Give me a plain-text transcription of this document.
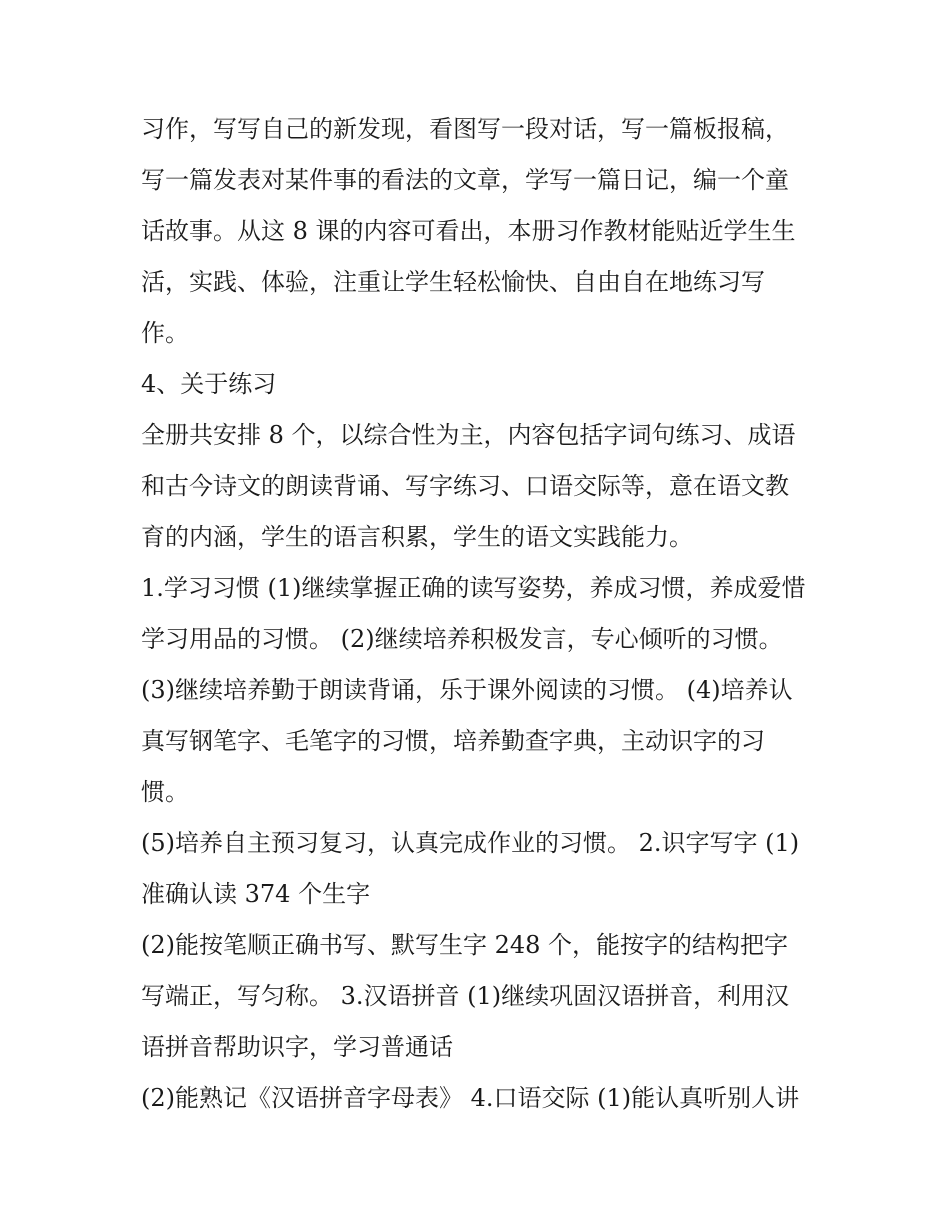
习作，写写自己的新发现，看图写一段对话，写一篇板报稿，
写一篇发表对某件事的看法的文章，学写一篇日记，编一个童
话故事。从这 8 课的内容可看出，本册习作教材能贴近学生生
活，实践、体验，注重让学生轻松愉快、自由自在地练习写
作。
4、关于练习
全册共安排 8 个，以综合性为主，内容包括字词句练习、成语
和古今诗文的朗读背诵、写字练习、口语交际等，意在语文教
育的内涵，学生的语言积累，学生的语文实践能力。
1.学习习惯 (1)继续掌握正确的读写姿势，养成习惯，养成爱惜
学习用品的习惯。 (2)继续培养积极发言，专心倾听的习惯。
(3)继续培养勤于朗读背诵，乐于课外阅读的习惯。 (4)培养认
真写钢笔字、毛笔字的习惯，培养勤查字典，主动识字的习
惯。
(5)培养自主预习复习，认真完成作业的习惯。 2.识字写字 (1)
准确认读 374 个生字
(2)能按笔顺正确书写、默写生字 248 个，能按字的结构把字
写端正，写匀称。 3.汉语拼音 (1)继续巩固汉语拼音，利用汉
语拼音帮助识字，学习普通话
(2)能熟记《汉语拼音字母表》 4.口语交际 (1)能认真听别人讲
